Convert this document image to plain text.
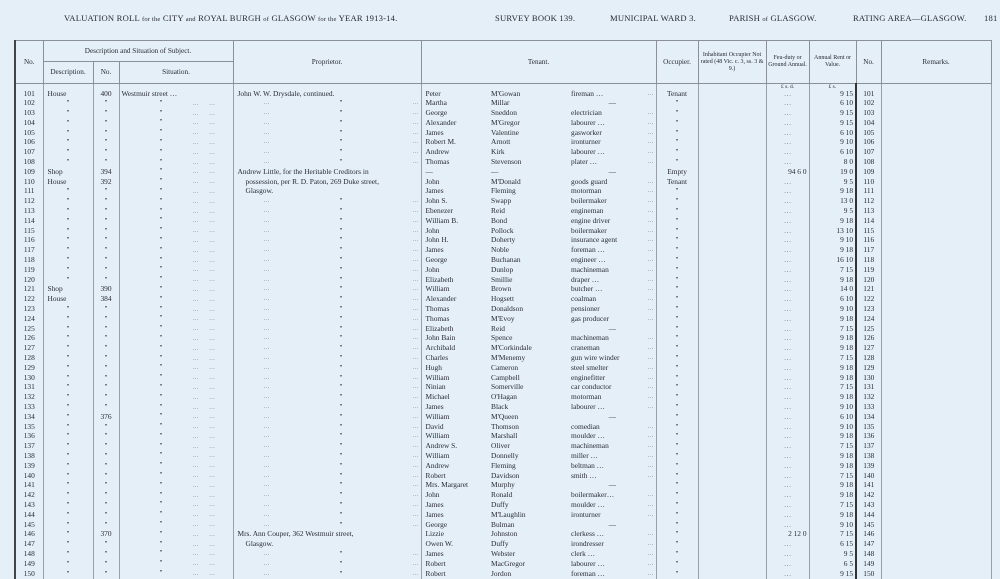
VALUATION ROLL for the CITY and ROYAL BURGH of GLASGOW for the YEAR 1913-14.	SURVEY BOOK 139.	MUNICIPAL WARD 3.	PARISH of GLASGOW.	RATING AREA—GLASGOW. 181
No.	Description and Situation of Subject.			Proprietor.	Tenant.			Occupier.	Inhabitant Occupier Not rated (48 Vic. c. 3, ss. 3 & 9.)	Feu-duty or Ground Annual.	Annual Rent or Value.	No.	Remarks.
	Description.	No.	Situation.										
										£ s. d.	£ s.		
101	House	400	Westmuir street …	John W. W. Drysdale, continued.	Peter	M'Gowan	fireman … …	Tenant		…	9 15	101	
102	"	"	" …       …	… " …	Martha	Millar	—	"		…	6 10	102	
103	"	"	" …       …	… " …	George	Sneddon	electrician …	"		…	9 15	103	
104	"	"	" …       …	… " …	Alexander	M'Gregor	labourer … …	"		…	9 15	104	
105	"	"	" …       …	… " …	James	Valentine	gasworker …	"		…	6 10	105	
106	"	"	" …       …	… " …	Robert M.	Arnott	ironturner …	"		…	9 10	106	
107	"	"	" …       …	… " …	Andrew	Kirk	labourer … …	"		…	6 10	107	
108	"	"	" …       …	… " …	Thomas	Stevenson	plater … …	"		…	8 0	108	
109	Shop	394	" …       …	Andrew Little, for the Heritable Creditors in	—	—	—	Empty		94 6 0	19 0	109	
110	House	392	" …       …	possession, per R. D. Paton, 269 Duke street,	John	M'Donald	goods guard …	Tenant		…	9 5	110	
111	"	"	" …       …	Glasgow.	James	Fleming	motorman …	"		…	9 18	111	
112	"	"	" …       …	… " …	John S.	Swapp	boilermaker …	"		…	13 0	112	
113	"	"	" …       …	… " …	Ebenezer	Reid	engineman …	"		…	9 5	113	
114	"	"	" …       …	… " …	William B.	Bond	engine driver …	"		…	9 18	114	
115	"	"	" …       …	… " …	John	Pollock	boilermaker …	"		…	13 10	115	
116	"	"	" …       …	… " …	John H.	Doherty	insurance agent …	"		…	9 10	116	
117	"	"	" …       …	… " …	James	Noble	foreman … …	"		…	9 18	117	
118	"	"	" …       …	… " …	George	Buchanan	engineer … …	"		…	16 10	118	
119	"	"	" …       …	… " …	John	Dunlop	machineman …	"		…	7 15	119	
120	"	"	" …       …	… " …	Elizabeth	Smillie	draper … …	"		…	9 18	120	
121	Shop	390	" …       …	… " …	William	Brown	butcher … …	"		…	14 0	121	
122	House	384	" …       …	… " …	Alexander	Hogsett	coalman …	"		…	6 10	122	
123	"	"	" …       …	… " …	Thomas	Donaldson	pensioner …	"		…	9 10	123	
124	"	"	" …       …	… " …	Thomas	M'Evoy	gas producer …	"		…	9 18	124	
125	"	"	" …       …	… " …	Elizabeth	Reid	—	"		…	7 15	125	
126	"	"	" …       …	… " …	John Bain	Spence	machineman …	"		…	9 18	126	
127	"	"	" …       …	… " …	Archibald	M'Corkindale	craneman …	"		…	9 18	127	
128	"	"	" …       …	… " …	Charles	M'Menemy	gun wire winder …	"		…	7 15	128	
129	"	"	" …       …	… " …	Hugh	Cameron	steel smelter …	"		…	9 18	129	
130	"	"	" …       …	… " …	William	Campbell	enginefitter …	"		…	9 18	130	
131	"	"	" …       …	… " …	Ninian	Somerville	car conductor …	"		…	7 15	131	
132	"	"	" …       …	… " …	Michael	O'Hagan	motorman …	"		…	9 18	132	
133	"	"	" …       …	… " …	James	Black	labourer … …	"		…	9 10	133	
134	"	376	" …       …	… " …	William	M'Queen	—	"		…	6 10	134	
135	"	"	" …       …	… " …	David	Thomson	comedian …	"		…	9 10	135	
136	"	"	" …       …	… " …	William	Marshall	moulder … …	"		…	9 18	136	
137	"	"	" …       …	… " …	Andrew S.	Oliver	machineman …	"		…	7 15	137	
138	"	"	" …       …	… " …	William	Donnelly	miller … …	"		…	9 18	138	
139	"	"	" …       …	… " …	Andrew	Fleming	beltman … …	"		…	9 18	139	
140	"	"	" …       …	… " …	Robert	Davidson	smith … …	"		…	7 15	140	
141	"	"	" …       …	… " …	Mrs. Margaret	Murphy	—	"		…	9 18	141	
142	"	"	" …       …	… " …	John	Ronald	boilermaker… …	"		…	9 18	142	
143	"	"	" …       …	… " …	James	Duffy	moulder … …	"		…	7 15	143	
144	"	"	" …       …	… " …	James	M'Laughlin	ironturner …	"		…	9 18	144	
145	"	"	" …       …	… " …	George	Bulman	—	"		…	9 10	145	
146	"	370	" …       …	Mrs. Ann Couper, 362 Westmuir street,	Lizzie	Johnston	clerkess … …	"		2 12 0	7 15	146	
147	"	"	" …       …	Glasgow.	Owen W.	Duffy	irondresser …	"		…	6 15	147	
148	"	"	" …       …	… " …	James	Webster	clerk … …	"		…	9 5	148	
149	"	"	" …       …	… " …	Robert	MacGregor	labourer … …	"		…	6 5	149	
150	"	"	" …       …	… " …	Robert	Jordon	foreman … …	"		…	9 15	150	
